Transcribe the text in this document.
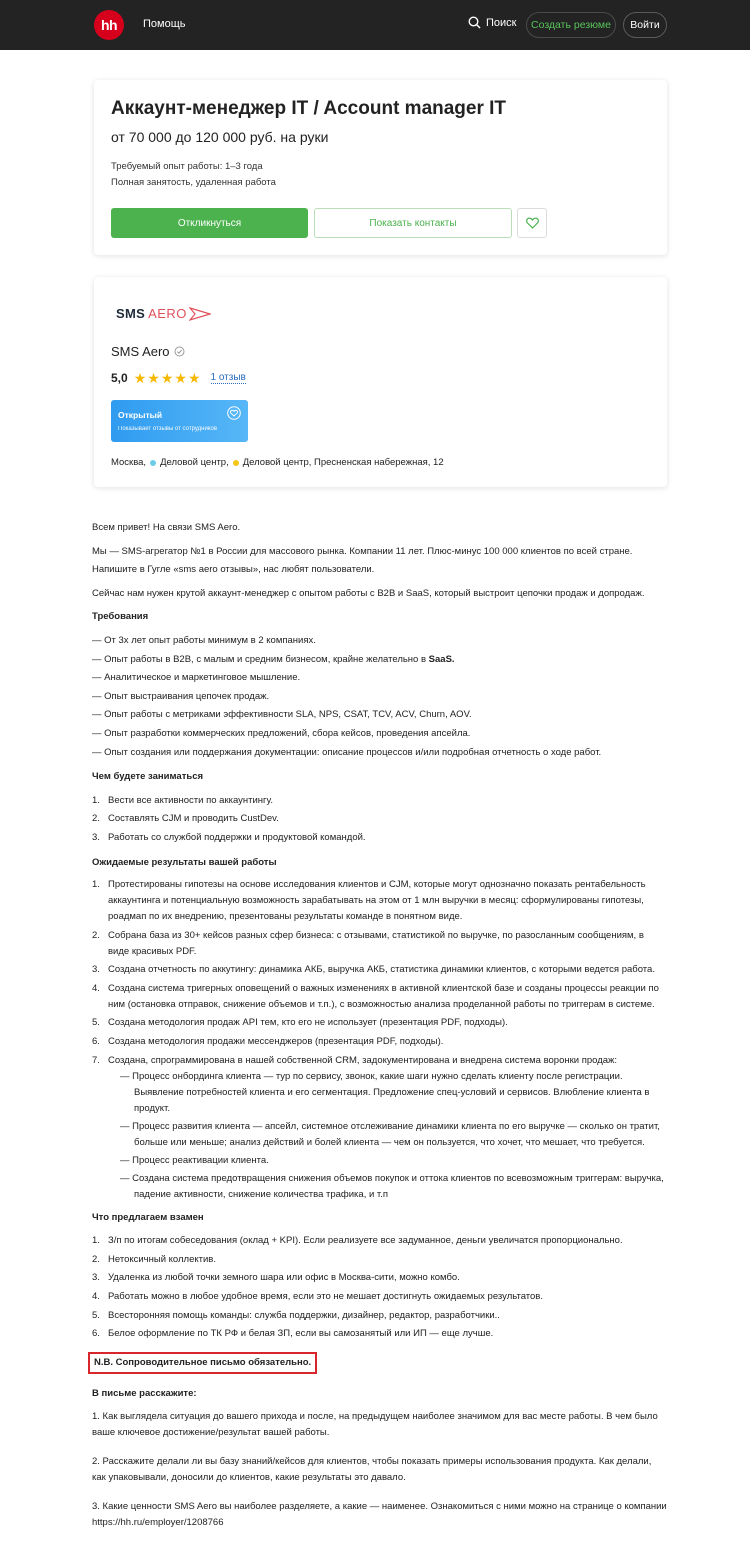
hh	Помощь	Поиск	Создать резюме	Войти
Аккаунт-менеджер IT / Account manager IT
от 70 000 до 120 000 руб. на руки
Требуемый опыт работы: 1–3 года
Полная занятость, удаленная работа
Откликнуться	Показать контакты
SMS AERO
SMS Aero
5,0 ★ ★ ★ ★ ★ 1 отзыв
Открытый
Показывает отзывы от сотрудников
Москва, Деловой центр, Деловой центр, Пресненская набережная, 12

Всем привет! На связи SMS Aero.

Мы — SMS-агрегатор №1 в России для массового рынка. Компании 11 лет. Плюс-минус 100 000 клиентов по всей стране. Напишите в Гугле «sms aero отзывы», нас любят пользователи.

Сейчас нам нужен крутой аккаунт-менеджер с опытом работы с B2B и SaaS, который выстроит цепочки продаж и допродаж.

Требования
— От 3х лет опыт работы минимум в 2 компаниях.
— Опыт работы в B2B, с малым и средним бизнесом, крайне желательно в SaaS.
— Аналитическое и маркетинговое мышление.
— Опыт выстраивания цепочек продаж.
— Опыт работы с метриками эффективности SLA, NPS, CSAT, TCV, ACV, Churn, AOV.
— Опыт разработки коммерческих предложений, сбора кейсов, проведения апсейла.
— Опыт создания или поддержания документации: описание процессов и/или подробная отчетность о ходе работ.
Чем будете заниматься
1. Вести все активности по аккаунтингу.
2. Составлять CJM и проводить CustDev.
3. Работать со службой поддержки и продуктовой командой.
Ожидаемые результаты вашей работы
1. Протестированы гипотезы на основе исследования клиентов и CJM, которые могут однозначно показать рентабельность аккаунтинга и потенциальную возможность зарабатывать на этом от 1 млн выручки в месяц: сформулированы гипотезы, роадмап по их внедрению, презентованы результаты команде в понятном виде.
2. Собрана база из 30+ кейсов разных сфер бизнеса: с отзывами, статистикой по выручке, по разосланным сообщениям, в виде красивых PDF.
3. Создана отчетность по аккутингу: динамика АКБ, выручка АКБ, статистика динамики клиентов, с которыми ведется работа.
4. Создана система тригерных оповещений о важных изменениях в активной клиентской базе и созданы процессы реакции по ним (остановка отправок, снижение объемов и т.п.), с возможностью анализа проделанной работы по триггерам в системе.
5. Создана методология продаж API тем, кто его не использует (презентация PDF, подходы).
6. Создана методология продажи мессенджеров (презентация PDF, подходы).
7. Создана, спрограммирована в нашей собственной CRM, задокументирована и внедрена система воронки продаж:
— Процесс онбординга клиента — тур по сервису, звонок, какие шаги нужно сделать клиенту после регистрации. Выявление потребностей клиента и его сегментация. Предложение спец-условий и сервисов. Влюбление клиента в продукт.
— Процесс развития клиента — апсейл, системное отслеживание динамики клиента по его выручке — сколько он тратит, больше или меньше; анализ действий и болей клиента — чем он пользуется, что хочет, что мешает, что требуется.
— Процесс реактивации клиента.
— Создана система предотвращения снижения объемов покупок и оттока клиентов по всевозможным триггерам: выручка, падение активности, снижение количества трафика, и т.п
Что предлагаем взамен
1. З/п по итогам собеседования (оклад + KPI). Если реализуете все задуманное, деньги увеличатся пропорционально.
2. Нетоксичный коллектив.
3. Удаленка из любой точки земного шара или офис в Москва-сити, можно комбо.
4. Работать можно в любое удобное время, если это не мешает достигнуть ожидаемых результатов.
5. Всесторонняя помощь команды: служба поддержки, дизайнер, редактор, разработчики..
6. Белое оформление по ТК РФ и белая ЗП, если вы самозанятый или ИП — еще лучше.
N.B. Сопроводительное письмо обязательно.
В письме расскажите:

1. Как выглядела ситуация до вашего прихода и после, на предыдущем наиболее значимом для вас месте работы. В чем было ваше ключевое достижение/результат вашей работы.

2. Расскажите делали ли вы базу знаний/кейсов для клиентов, чтобы показать примеры использования продукта. Как делали, как упаковывали, доносили до клиентов, какие результаты это давало.

3. Какие ценности SMS Aero вы наиболее разделяете, а какие — наименее. Ознакомиться с ними можно на странице о компании https://hh.ru/employer/1208766
